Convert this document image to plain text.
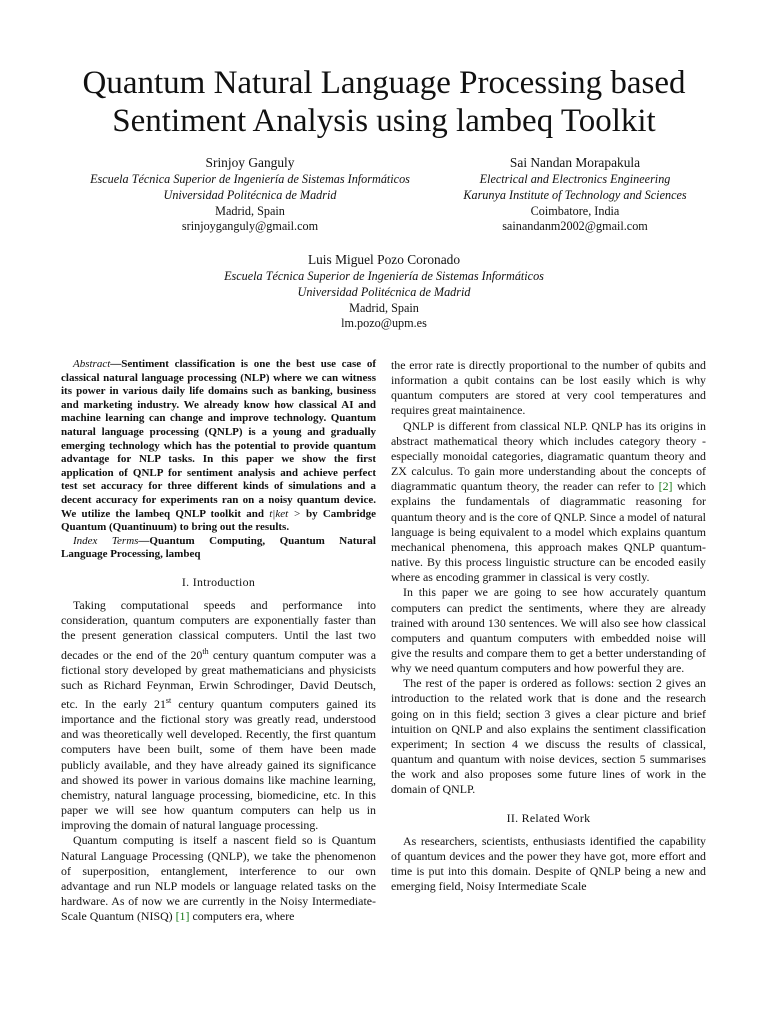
Quantum Natural Language Processing based Sentiment Analysis using lambeq Toolkit
Srinjoy Ganguly
Escuela Técnica Superior de Ingeniería de Sistemas Informáticos
Universidad Politécnica de Madrid
Madrid, Spain
srinjoyganguly@gmail.com
Sai Nandan Morapakula
Electrical and Electronics Engineering
Karunya Institute of Technology and Sciences
Coimbatore, India
sainandanm2002@gmail.com
Luis Miguel Pozo Coronado
Escuela Técnica Superior de Ingeniería de Sistemas Informáticos
Universidad Politécnica de Madrid
Madrid, Spain
lm.pozo@upm.es

Abstract—Sentiment classification is one the best use case of classical natural language processing (NLP) where we can witness its power in various daily life domains such as banking, business and marketing industry. We already know how classical AI and machine learning can change and improve technology. Quantum natural language processing (QNLP) is a young and gradually emerging technology which has the potential to provide quantum advantage for NLP tasks. In this paper we show the first application of QNLP for sentiment analysis and achieve perfect test set accuracy for three different kinds of simulations and a decent accuracy for experiments ran on a noisy quantum device. We utilize the lambeq QNLP toolkit and t|ket > by Cambridge Quantum (Quantinuum) to bring out the results.

Index Terms—Quantum Computing, Quantum Natural Language Processing, lambeq

I. Introduction

Taking computational speeds and performance into consideration, quantum computers are exponentially faster than the present generation classical computers. Until the last two decades or the end of the 20th century quantum computer was a fictional story developed by great mathematicians and physicists such as Richard Feynman, Erwin Schrodinger, David Deutsch, etc. In the early 21st century quantum computers gained its importance and the fictional story was greatly read, understood and was theoretically well developed. Recently, the first quantum computers have been built, some of them have been made publicly available, and they have already gained its significance and showed its power in various domains like machine learning, chemistry, natural language processing, biomedicine, etc. In this paper we will see how quantum computers can help us in improving the domain of natural language processing.

Quantum computing is itself a nascent field so is Quantum Natural Language Processing (QNLP), we take the phenomenon of superposition, entanglement, interference to our own advantage and run NLP models or language related tasks on the hardware. As of now we are currently in the Noisy Intermediate-Scale Quantum (NISQ) [1] computers era, where

the error rate is directly proportional to the number of qubits and information a qubit contains can be lost easily which is why quantum computers are stored at very cool temperatures and requires great maintainence.

QNLP is different from classical NLP. QNLP has its origins in abstract mathematical theory which includes category theory - especially monoidal categories, diagramatic quantum theory and ZX calculus. To gain more understanding about the concepts of diagrammatic quantum theory, the reader can refer to [2] which explains the fundamentals of diagrammatic reasoning for quantum theory and is the core of QNLP. Since a model of natural language is being equivalent to a model which explains quantum mechanical phenomena, this approach makes QNLP quantum-native. By this process linguistic structure can be encoded easily where as encoding grammer in classical is very costly.

In this paper we are going to see how accurately quantum computers can predict the sentiments, where they are already trained with around 130 sentences. We will also see how classical computers and quantum computers with embedded noise will give the results and compare them to get a better understanding of why we need quantum computers and how powerful they are.

The rest of the paper is ordered as follows: section 2 gives an introduction to the related work that is done and the research going on in this field; section 3 gives a clear picture and brief intuition on QNLP and also explains the sentiment classification experiment; In section 4 we discuss the results of classical, quantum and quantum with noise devices, section 5 summarises the work and also proposes some future lines of work in the domain of QNLP.

II. Related Work

As researchers, scientists, enthusiasts identified the capability of quantum devices and the power they have got, more effort and time is put into this domain. Despite of QNLP being a new and emerging field, Noisy Intermediate Scale
